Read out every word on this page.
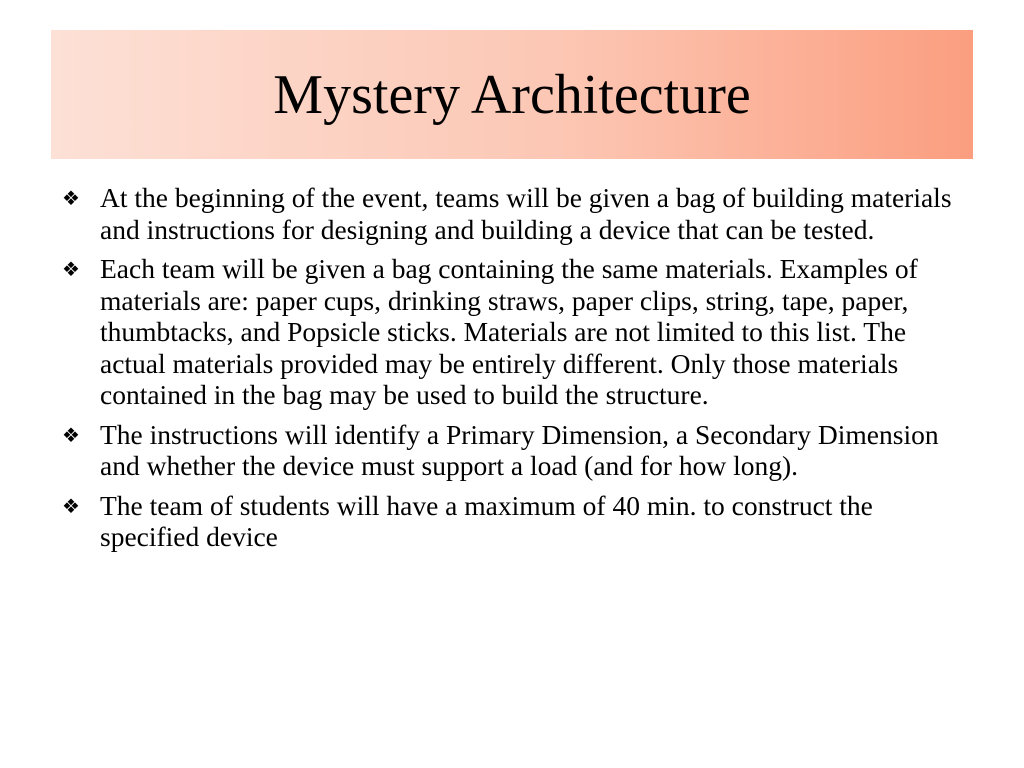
Mystery Architecture
❖ At the beginning of the event, teams will be given a bag of building materials and instructions for designing and building a device that can be tested.
❖ Each team will be given a bag containing the same materials. Examples of materials are: paper cups, drinking straws, paper clips, string, tape, paper, thumbtacks, and Popsicle sticks. Materials are not limited to this list. The actual materials provided may be entirely different. Only those materials contained in the bag may be used to build the structure.
❖ The instructions will identify a Primary Dimension, a Secondary Dimension and whether the device must support a load (and for how long).
❖ The team of students will have a maximum of 40 min. to construct the specified device
